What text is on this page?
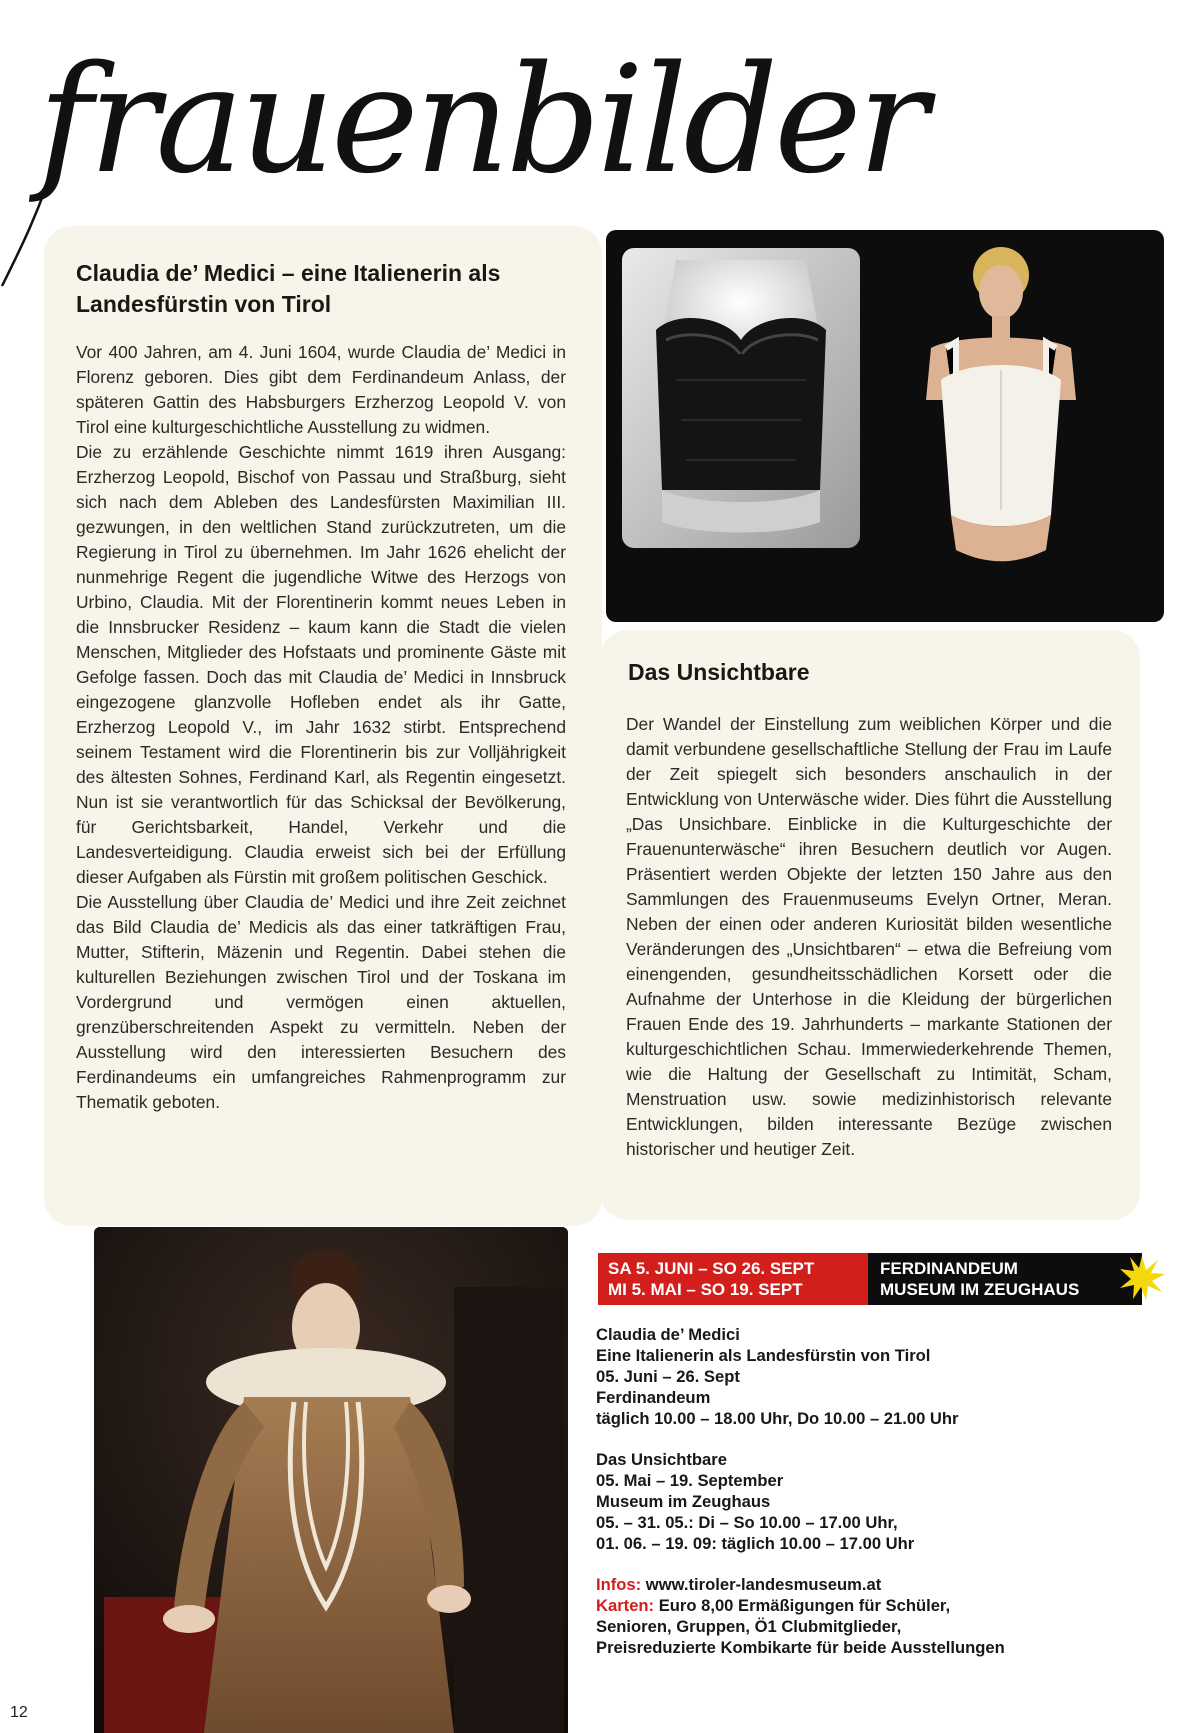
frauenbilder
Claudia de’ Medici – eine Italienerin als
Landesfürstin von Tirol

Vor 400 Jahren, am 4. Juni 1604, wurde Claudia de’ Medici in Florenz geboren. Dies gibt dem Ferdinandeum Anlass, der späteren Gattin des Habsburgers Erzherzog Leopold V. von Tirol eine kulturgeschichtliche Ausstellung zu widmen.

Die zu erzählende Geschichte nimmt 1619 ihren Ausgang: Erzherzog Leopold, Bischof von Passau und Straßburg, sieht sich nach dem Ableben des Landesfürsten Maximilian III. gezwungen, in den weltlichen Stand zurückzutreten, um die Regierung in Tirol zu übernehmen. Im Jahr 1626 ehelicht der nunmehrige Regent die jugendliche Witwe des Herzogs von Urbino, Claudia. Mit der Florentinerin kommt neues Leben in die Innsbrucker Residenz – kaum kann die Stadt die vielen Menschen, Mitglieder des Hofstaats und prominente Gäste mit Gefolge fassen. Doch das mit Claudia de’ Medici in Innsbruck eingezogene glanzvolle Hofleben endet als ihr Gatte, Erzherzog Leopold V., im Jahr 1632 stirbt. Entsprechend seinem Testament wird die Florentinerin bis zur Volljährigkeit des ältesten Sohnes, Ferdinand Karl, als Regentin eingesetzt. Nun ist sie verantwortlich für das Schicksal der Bevölkerung, für Gerichtsbarkeit, Handel, Verkehr und die Landesverteidigung. Claudia erweist sich bei der Erfüllung dieser Aufgaben als Fürstin mit großem politischen Geschick.

Die Ausstellung über Claudia de’ Medici und ihre Zeit zeichnet das Bild Claudia de’ Medicis als das einer tatkräftigen Frau, Mutter, Stifterin, Mäzenin und Regentin. Dabei stehen die kulturellen Beziehungen zwischen Tirol und der Toskana im Vordergrund und vermögen einen aktuellen, grenzüberschreitenden Aspekt zu vermitteln. Neben der Ausstellung wird den interessierten Besuchern des Ferdinandeums ein umfangreiches Rahmenprogramm zur Thematik geboten.

Das Unsichtbare

Der Wandel der Einstellung zum weiblichen Körper und die damit verbundene gesellschaftliche Stellung der Frau im Laufe der Zeit spiegelt sich besonders anschaulich in der Entwicklung von Unterwäsche wider. Dies führt die Ausstellung „Das Unsichbare. Einblicke in die Kulturgeschichte der Frauenunterwäsche“ ihren Besuchern deutlich vor Augen. Präsentiert werden Objekte der letzten 150 Jahre aus den Sammlungen des Frauenmuseums Evelyn Ortner, Meran. Neben der einen oder anderen Kuriosität bilden wesentliche Veränderungen des „Unsichtbaren“ – etwa die Befreiung vom einengenden, gesundheitsschädlichen Korsett oder die Aufnahme der Unterhose in die Kleidung der bürgerlichen Frauen Ende des 19. Jahrhunderts – markante Stationen der kulturgeschichtlichen Schau. Immerwiederkehrende Themen, wie die Haltung der Gesellschaft zu Intimität, Scham, Menstruation usw. sowie medizinhistorisch relevante Entwicklungen, bilden interessante Bezüge zwischen historischer und heutiger Zeit.

SA 5. JUNI – SO 26. SEPT
MI 5. MAI – SO 19. SEPT
FERDINANDEUM
MUSEUM IM ZEUGHAUS
Claudia de’ Medici
Eine Italienerin als Landesfürstin von Tirol
05. Juni – 26. Sept
Ferdinandeum
täglich 10.00 – 18.00 Uhr, Do 10.00 – 21.00 Uhr
Das Unsichtbare
05. Mai – 19. September
Museum im Zeughaus
05. – 31. 05.: Di – So 10.00 – 17.00 Uhr,
01. 06. – 19. 09: täglich 10.00 – 17.00 Uhr
Infos: www.tiroler-landesmuseum.at
Karten: Euro 8,00 Ermäßigungen für Schüler,
Senioren, Gruppen, Ö1 Clubmitglieder,
Preisreduzierte Kombikarte für beide Ausstellungen
12
